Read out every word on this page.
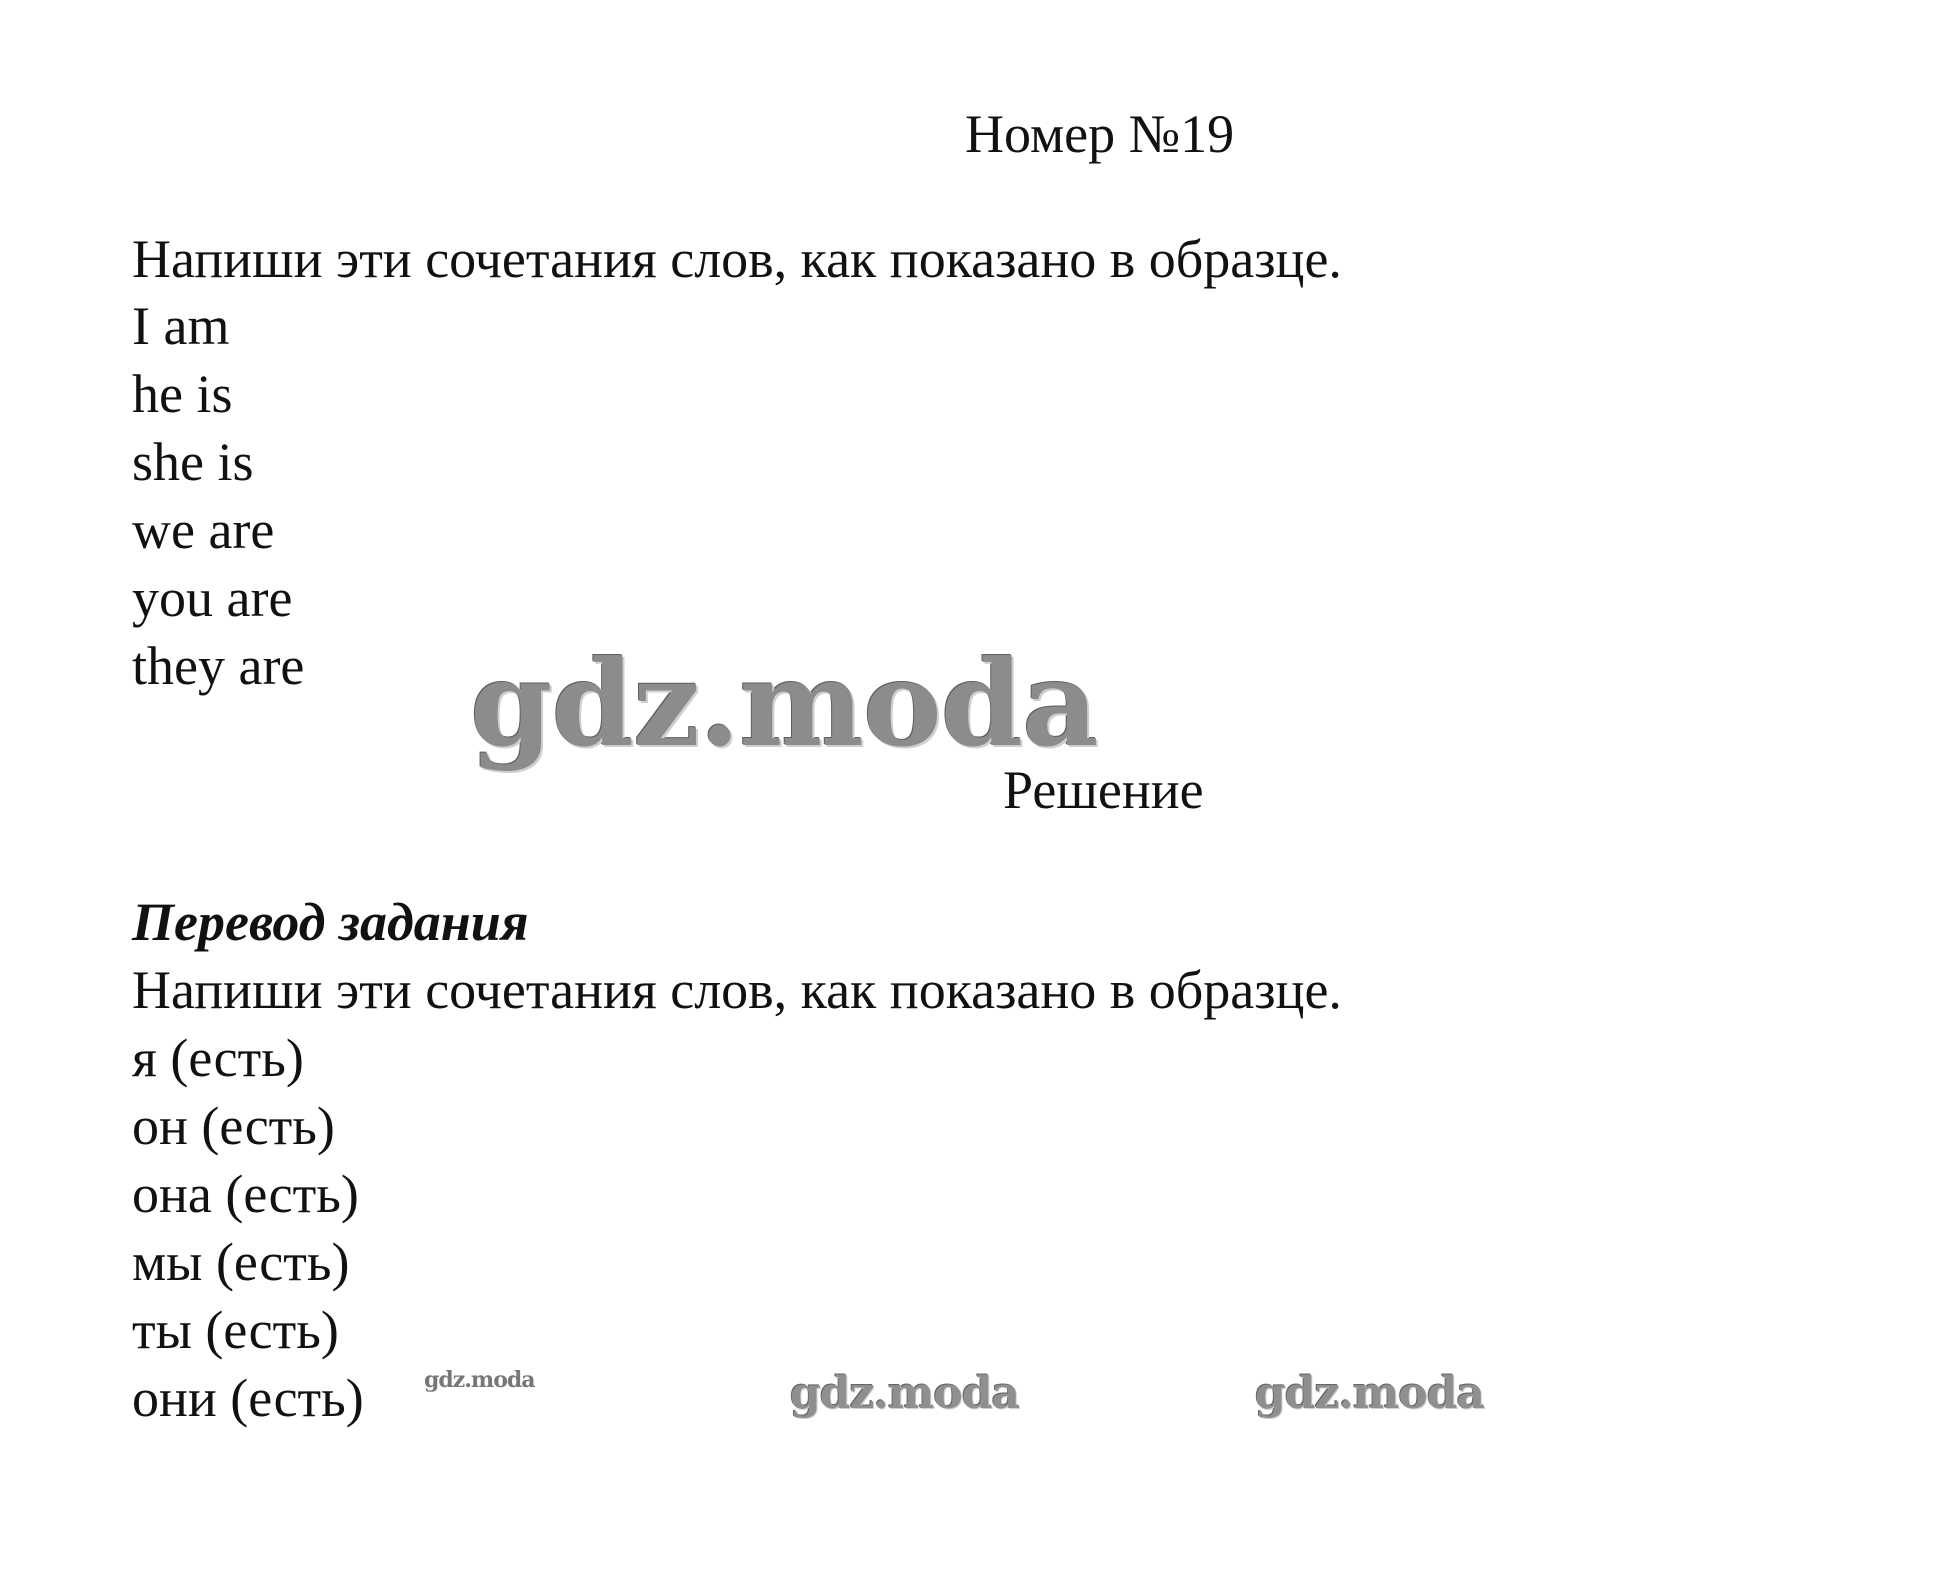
Номер №19
Напиши эти сочетания слов, как показано в образце.
I am
he is
she is
we are
you are
they are gdz.moda
Решение
Перевод задания
Напиши эти сочетания слов, как показано в образце.
я (есть)
он (есть)
она (есть)
мы (есть)
ты (есть)
они (есть)	gdz.moda	gdz.moda	gdz.moda
